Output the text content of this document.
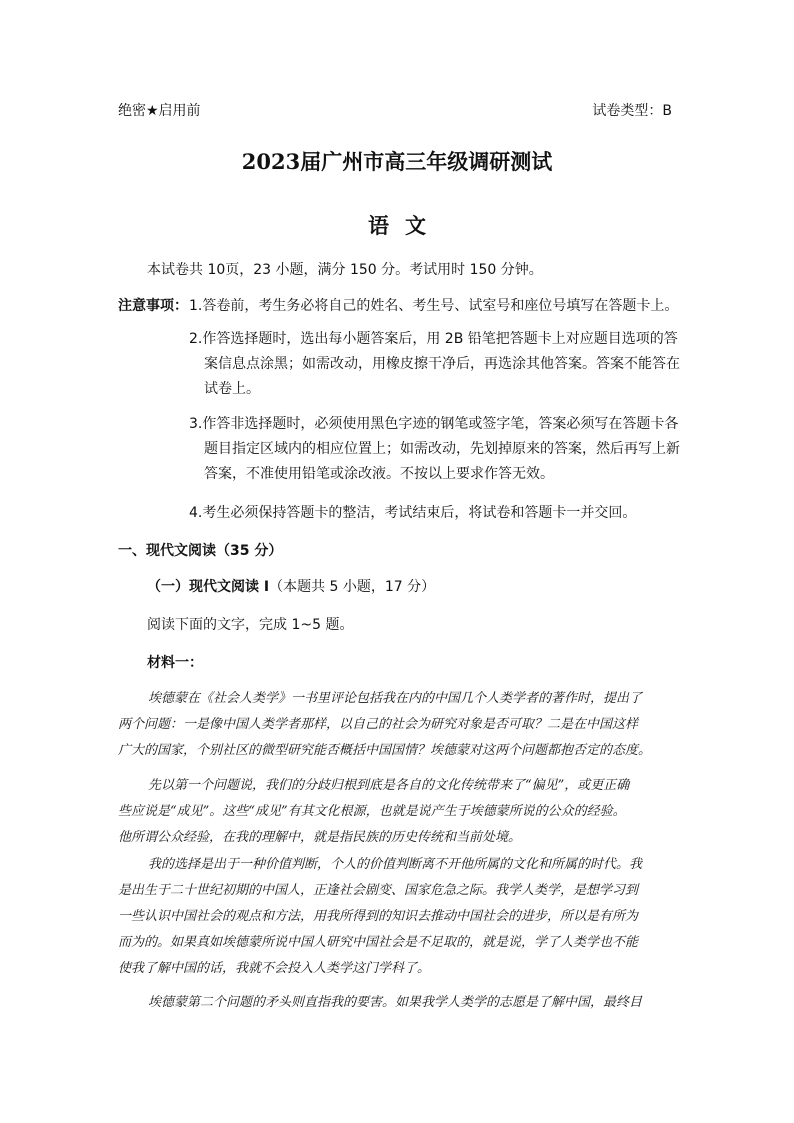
绝密★启用前	试卷类型：B
2023届广州市高三年级调研测试
语文
本试卷共 10页，23 小题，满分 150 分。考试用时 150 分钟。
注意事项： 1.答卷前，考生务必将自己的姓名、考生号、试室号和座位号填写在答题卡上。
2.作答选择题时，选出每小题答案后，用 2B 铅笔把答题卡上对应题目选项的答
案信息点涂黑；如需改动，用橡皮擦干净后，再选涂其他答案。答案不能答在
试卷上。
3.作答非选择题时，必须使用黑色字迹的钢笔或签字笔，答案必须写在答题卡各
题目指定区域内的相应位置上；如需改动，先划掉原来的答案，然后再写上新
答案，不准使用铅笔或涂改液。不按以上要求作答无效。
4.考生必须保持答题卡的整洁，考试结束后，将试卷和答题卡一并交回。
一、现代文阅读（35 分）
（一）现代文阅读 I（本题共 5 小题，17 分）
阅读下面的文字，完成 1~5 题。
材料一：
埃德蒙在《社会人类学》一书里评论包括我在内的中国几个人类学者的著作时，提出了
两个问题：一是像中国人类学者那样，以自己的社会为研究对象是否可取？二是在中国这样
广大的国家，个别社区的微型研究能否概括中国国情？埃德蒙对这两个问题都抱否定的态度。
先以第一个问题说，我们的分歧归根到底是各自的文化传统带来了“偏见”，或更正确
些应说是“成见”。这些“成见”有其文化根源，也就是说产生于埃德蒙所说的公众的经验。
他所谓公众经验，在我的理解中，就是指民族的历史传统和当前处境。
我的选择是出于一种价值判断，个人的价值判断离不开他所属的文化和所属的时代。我
是出生于二十世纪初期的中国人，正逢社会剧变、国家危急之际。我学人类学，是想学习到
一些认识中国社会的观点和方法，用我所得到的知识去推动中国社会的进步，所以是有所为
而为的。如果真如埃德蒙所说中国人研究中国社会是不足取的，就是说，学了人类学也不能
使我了解中国的话，我就不会投入人类学这门学科了。
埃德蒙第二个问题的矛头则直指我的要害。如果我学人类学的志愿是了解中国，最终目
